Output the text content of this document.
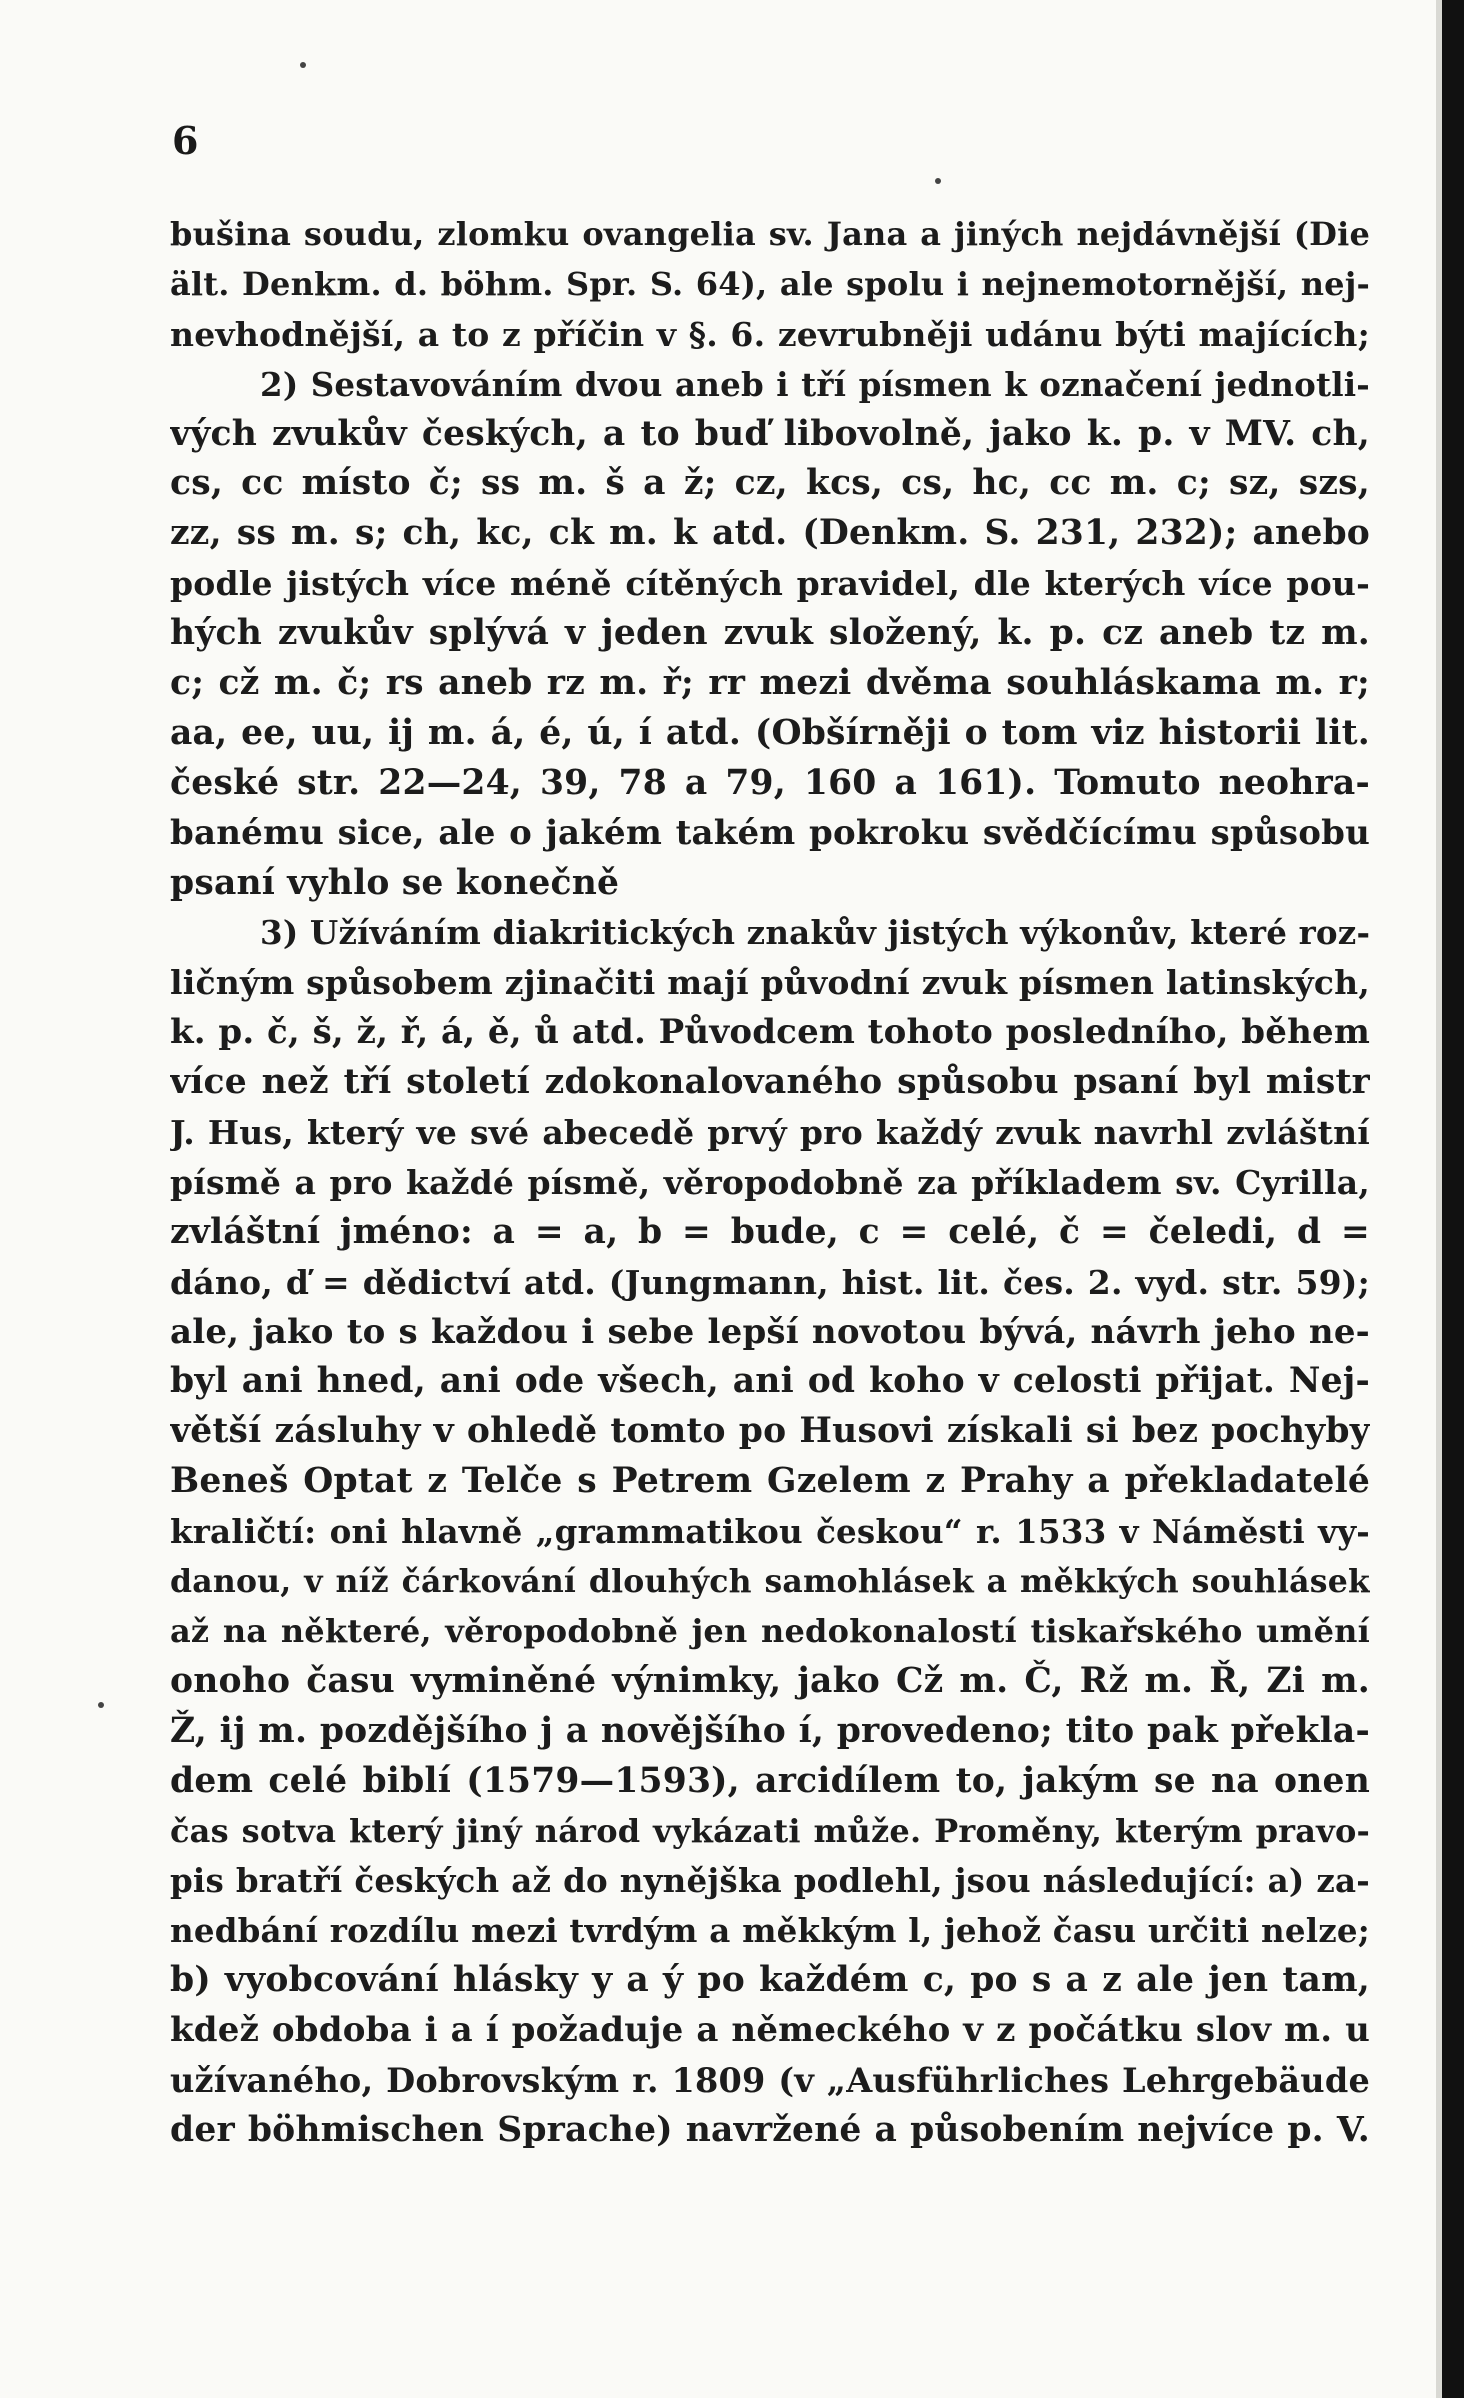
6
bušina soudu, zlomku ovangelia sv. Jana a jiných nejdávnější (Die
ält. Denkm. d. böhm. Spr. S. 64), ale spolu i nejnemotornější, nej-
nevhodnější, a to z příčin v §. 6. zevrubněji udánu býti majících;
2) Sestavováním dvou aneb i tří písmen k označení jednotli-
vých zvukův českých, a to buď libovolně, jako k. p. v MV. ch,
cs, cc místo č; ss m. š a ž; cz, kcs, cs, hc, cc m. c; sz, szs,
zz, ss m. s; ch, kc, ck m. k atd. (Denkm. S. 231, 232); anebo
podle jistých více méně cítěných pravidel, dle kterých více pou-
hých zvukův splývá v jeden zvuk složený, k. p. cz aneb tz m.
c; cž m. č; rs aneb rz m. ř; rr mezi dvěma souhláskama m. r;
aa, ee, uu, ij m. á, é, ú, í atd. (Obšírněji o tom viz historii lit.
české str. 22—24, 39, 78 a 79, 160 a 161). Tomuto neohra-
banému sice, ale o jakém takém pokroku svědčícímu spůsobu
psaní vyhlo se konečně
3) Užíváním diakritických znakův jistých výkonův, které roz-
ličným spůsobem zjinačiti mají původní zvuk písmen latinských,
k. p. č, š, ž, ř, á, ě, ů atd. Původcem tohoto posledního, během
více než tří století zdokonalovaného spůsobu psaní byl mistr
J. Hus, který ve své abecedě prvý pro každý zvuk navrhl zvláštní
písmě a pro každé písmě, věropodobně za příkladem sv. Cyrilla,
zvláštní jméno: a = a, b = bude, c = celé, č = čeledi, d =
dáno, ď = dědictví atd. (Jungmann, hist. lit. čes. 2. vyd. str. 59);
ale, jako to s každou i sebe lepší novotou bývá, návrh jeho ne-
byl ani hned, ani ode všech, ani od koho v celosti přijat. Nej-
větší zásluhy v ohledě tomto po Husovi získali si bez pochyby
Beneš Optat z Telče s Petrem Gzelem z Prahy a překladatelé
kraličtí: oni hlavně „grammatikou českou“ r. 1533 v Náměsti vy-
danou, v níž čárkování dlouhých samohlásek a měkkých souhlásek
až na některé, věropodobně jen nedokonalostí tiskařského umění
onoho času vyminěné výnimky, jako Cž m. Č, Rž m. Ř, Zi m.
Ž, ij m. pozdějšího j a novějšího í, provedeno; tito pak překla-
dem celé biblí (1579—1593), arcidílem to, jakým se na onen
čas sotva který jiný národ vykázati může. Proměny, kterým pravo-
pis bratří českých až do nynějška podlehl, jsou následující: a) za-
nedbání rozdílu mezi tvrdým a měkkým l, jehož času určiti nelze;
b) vyobcování hlásky y a ý po každém c, po s a z ale jen tam,
kdež obdoba i a í požaduje a německého v z počátku slov m. u
užívaného, Dobrovským r. 1809 (v „Ausführliches Lehrgebäude
der böhmischen Sprache) navržené a působením nejvíce p. V.
